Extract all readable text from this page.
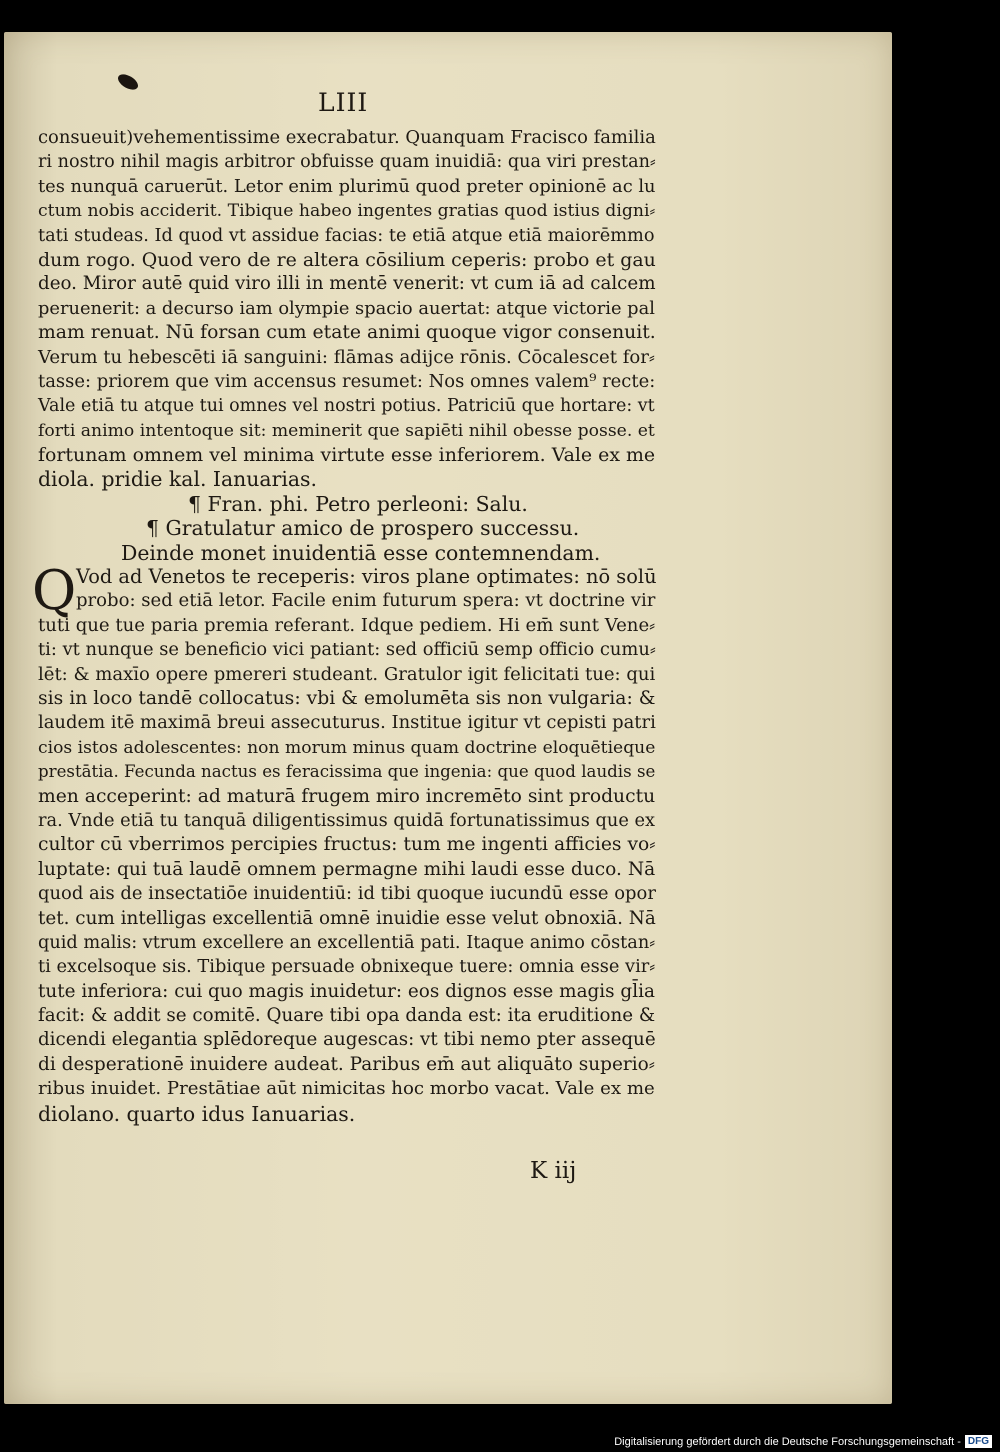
LIII
consueuit)vehementissime execrabatur. Quanquam Fracisco familia
ri nostro nihil magis arbitror obfuisse quam inuidiā: qua viri prestan⸗
tes nunquā caruerūt. Letor enim plurimū quod preter opinionē ac lu
ctum nobis acciderit. Tibique habeo ingentes gratias quod istius digni⸗
tati studeas. Id quod vt assidue facias: te etiā atque etiā maiorēmmo
dum rogo. Quod vero de re altera cōsilium ceperis: probo et gau
deo. Miror autē quid viro illi in mentē venerit: vt cum iā ad calcem
peruenerit: a decurso iam olympie spacio auertat: atque victorie pal
mam renuat. Nū forsan cum etate animi quoque vigor consenuit.
Verum tu hebescēti iā sanguini: flāmas adijce rōnis. Cōcalescet for⸗
tasse: priorem que vim accensus resumet: Nos omnes valem⁹ recte:
Vale etiā tu atque tui omnes vel nostri potius. Patriciū que hortare: vt
forti animo intentoque sit: meminerit que sapiēti nihil obesse posse. et
fortunam omnem vel minima virtute esse inferiorem. Vale ex me
diola. pridie kal. Ianuarias.
¶ Fran. phi. Petro perleoni: Salu.
¶ Gratulatur amico de prospero successu.
Deinde monet inuidentiā esse contemnendam.
Q Vod ad Venetos te receperis: viros plane optimates: nō solū
probo: sed etiā letor. Facile enim futurum spera: vt doctrine vir
tuti que tue paria premia referant. Idque pediem. Hi em̄ sunt Vene⸗
ti: vt nunque se beneficio vici patiant: sed officiū semp officio cumu⸗
lēt: & maxīo opere pmereri studeant. Gratulor igit felicitati tue: qui
sis in loco tandē collocatus: vbi & emolumēta sis non vulgaria: &
laudem itē maximā breui assecuturus. Institue igitur vt cepisti patri
cios istos adolescentes: non morum minus quam doctrine eloquētieque
prestātia. Fecunda nactus es feracissima que ingenia: que quod laudis se
men acceperint: ad maturā frugem miro incremēto sint productu
ra. Vnde etiā tu tanquā diligentissimus quidā fortunatissimus que ex
cultor cū vberrimos percipies fructus: tum me ingenti afficies vo⸗
luptate: qui tuā laudē omnem permagne mihi laudi esse duco. Nā
quod ais de insectatiōe inuidentiū: id tibi quoque iucundū esse opor
tet. cum intelligas excellentiā omnē inuidie esse velut obnoxiā. Nā
quid malis: vtrum excellere an excellentiā pati. Itaque animo cōstan⸗
ti excelsoque sis. Tibique persuade obnixeque tuere: omnia esse vir⸗
tute inferiora: cui quo magis inuidetur: eos dignos esse magis gl̄ia
facit: & addit se comitē. Quare tibi opa danda est: ita eruditione &
dicendi elegantia splēdoreque augescas: vt tibi nemo pter assequē
di desperationē inuidere audeat. Paribus em̄ aut aliquāto superio⸗
ribus inuidet. Prestātiae aūt nimicitas hoc morbo vacat. Vale ex me
diolano. quarto idus Ianuarias.
K iij
Digitalisierung gefördert durch die Deutsche Forschungsgemeinschaft - DFG
